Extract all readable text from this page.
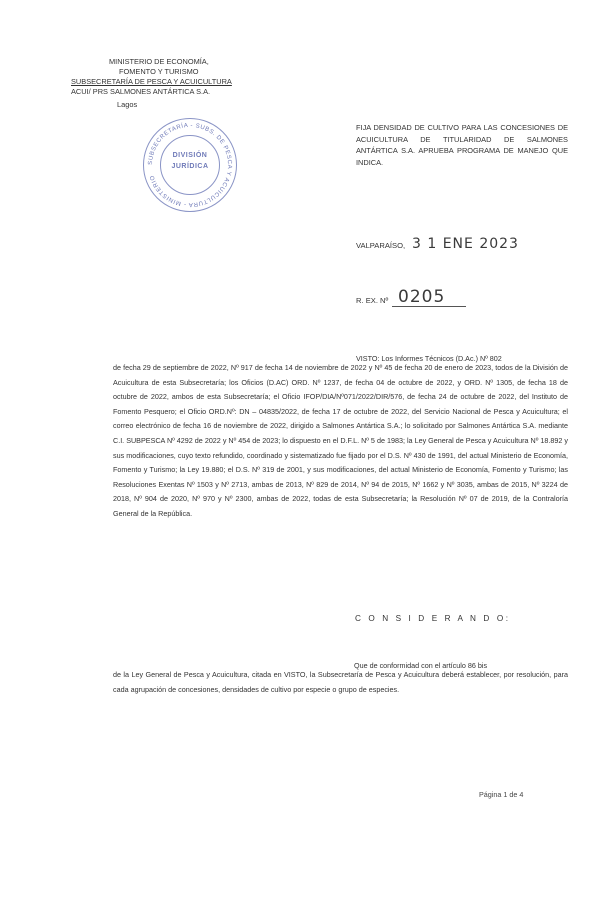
MINISTERIO DE ECONOMÍA,
FOMENTO Y TURISMO
SUBSECRETARÍA DE PESCA Y ACUICULTURA
ACUI/ PRS SALMONES ANTÁRTICA S.A.
Lagos
SUBSECRETARÍA - SUBS. DE PESCA Y ACUICULTURA - MINISTERIO
DIVISIÓN
JURÍDICA
FIJA DENSIDAD DE CULTIVO PARA LAS CONCESIONES DE ACUICULTURA DE TITULARIDAD DE SALMONES ANTÁRTICA S.A. APRUEBA PROGRAMA DE MANEJO QUE INDICA.
VALPARAÍSO, 3 1 ENE 2023
R. EX. Nº 0205
VISTO: Los Informes Técnicos (D.Ac.) Nº 802
de fecha 29 de septiembre de 2022, Nº 917 de fecha 14 de noviembre de 2022 y Nº 45 de fecha 20 de enero de 2023, todos de la División de Acuicultura de esta Subsecretaría; los Oficios (D.AC) ORD. Nº 1237, de fecha 04 de octubre de 2022, y ORD. Nº 1305, de fecha 18 de octubre de 2022, ambos de esta Subsecretaría; el Oficio IFOP/DIA/Nº071/2022/DIR/576, de fecha 24 de octubre de 2022, del Instituto de Fomento Pesquero; el Oficio ORD.Nº: DN – 04835/2022, de fecha 17 de octubre de 2022, del Servicio Nacional de Pesca y Acuicultura; el correo electrónico de fecha 16 de noviembre de 2022, dirigido a Salmones Antártica S.A.; lo solicitado por Salmones Antártica S.A. mediante C.I. SUBPESCA Nº 4292 de 2022 y Nº 454 de 2023; lo dispuesto en el D.F.L. Nº 5 de 1983; la Ley General de Pesca y Acuicultura Nº 18.892 y sus modificaciones, cuyo texto refundido, coordinado y sistematizado fue fijado por el D.S. Nº 430 de 1991, del actual Ministerio de Economía, Fomento y Turismo; la Ley 19.880; el D.S. Nº 319 de 2001, y sus modificaciones, del actual Ministerio de Economía, Fomento y Turismo; las Resoluciones Exentas Nº 1503 y Nº 2713, ambas de 2013, Nº 829 de 2014, Nº 94 de 2015, Nº 1662 y Nº 3035, ambas de 2015, Nº 3224 de 2018, Nº 904 de 2020, Nº 970 y Nº 2300, ambas de 2022, todas de esta Subsecretaría; la Resolución Nº 07 de 2019, de la Contraloría General de la República.
C O N S I D E R A N D O:
Que de conformidad con el artículo 86 bis
de la Ley General de Pesca y Acuicultura, citada en VISTO, la Subsecretaría de Pesca y Acuicultura deberá establecer, por resolución, para cada agrupación de concesiones, densidades de cultivo por especie o grupo de especies.
Página 1 de 4
